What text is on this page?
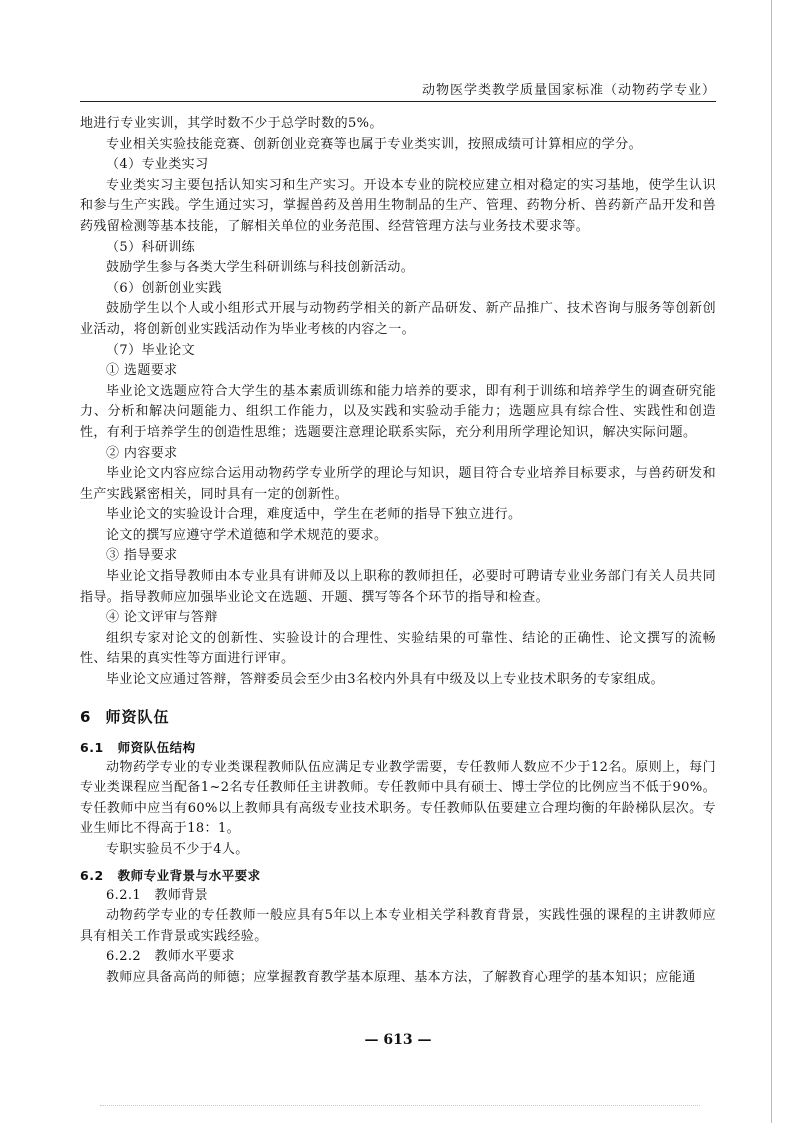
动物医学类教学质量国家标准（动物药学专业）

地进行专业实训，其学时数不少于总学时数的5%。

专业相关实验技能竞赛、创新创业竞赛等也属于专业类实训，按照成绩可计算相应的学分。

（4）专业类实习

专业类实习主要包括认知实习和生产实习。开设本专业的院校应建立相对稳定的实习基地，使学生认识和参与生产实践。学生通过实习，掌握兽药及兽用生物制品的生产、管理、药物分析、兽药新产品开发和兽药残留检测等基本技能，了解相关单位的业务范围、经营管理方法与业务技术要求等。

（5）科研训练

鼓励学生参与各类大学生科研训练与科技创新活动。

（6）创新创业实践

鼓励学生以个人或小组形式开展与动物药学相关的新产品研发、新产品推广、技术咨询与服务等创新创业活动，将创新创业实践活动作为毕业考核的内容之一。

（7）毕业论文

① 选题要求

毕业论文选题应符合大学生的基本素质训练和能力培养的要求，即有利于训练和培养学生的调查研究能力、分析和解决问题能力、组织工作能力，以及实践和实验动手能力；选题应具有综合性、实践性和创造性，有利于培养学生的创造性思维；选题要注意理论联系实际，充分利用所学理论知识，解决实际问题。

② 内容要求

毕业论文内容应综合运用动物药学专业所学的理论与知识，题目符合专业培养目标要求，与兽药研发和生产实践紧密相关，同时具有一定的创新性。

毕业论文的实验设计合理，难度适中，学生在老师的指导下独立进行。

论文的撰写应遵守学术道德和学术规范的要求。

③ 指导要求

毕业论文指导教师由本专业具有讲师及以上职称的教师担任，必要时可聘请专业业务部门有关人员共同指导。指导教师应加强毕业论文在选题、开题、撰写等各个环节的指导和检查。

④ 论文评审与答辩

组织专家对论文的创新性、实验设计的合理性、实验结果的可靠性、结论的正确性、论文撰写的流畅性、结果的真实性等方面进行评审。

毕业论文应通过答辩，答辩委员会至少由3名校内外具有中级及以上专业技术职务的专家组成。

6 师资队伍
6.1 师资队伍结构

动物药学专业的专业类课程教师队伍应满足专业教学需要，专任教师人数应不少于12名。原则上，每门专业类课程应当配备1~2名专任教师任主讲教师。专任教师中具有硕士、博士学位的比例应当不低于90%。专任教师中应当有60%以上教师具有高级专业技术职务。专任教师队伍要建立合理均衡的年龄梯队层次。专业生师比不得高于18：1。

专职实验员不少于4人。

6.2 教师专业背景与水平要求

6.2.1　教师背景

动物药学专业的专任教师一般应具有5年以上本专业相关学科教育背景，实践性强的课程的主讲教师应具有相关工作背景或实践经验。

6.2.2　教师水平要求

教师应具备高尚的师德；应掌握教育教学基本原理、基本方法，了解教育心理学的基本知识；应能通

— 613 —
